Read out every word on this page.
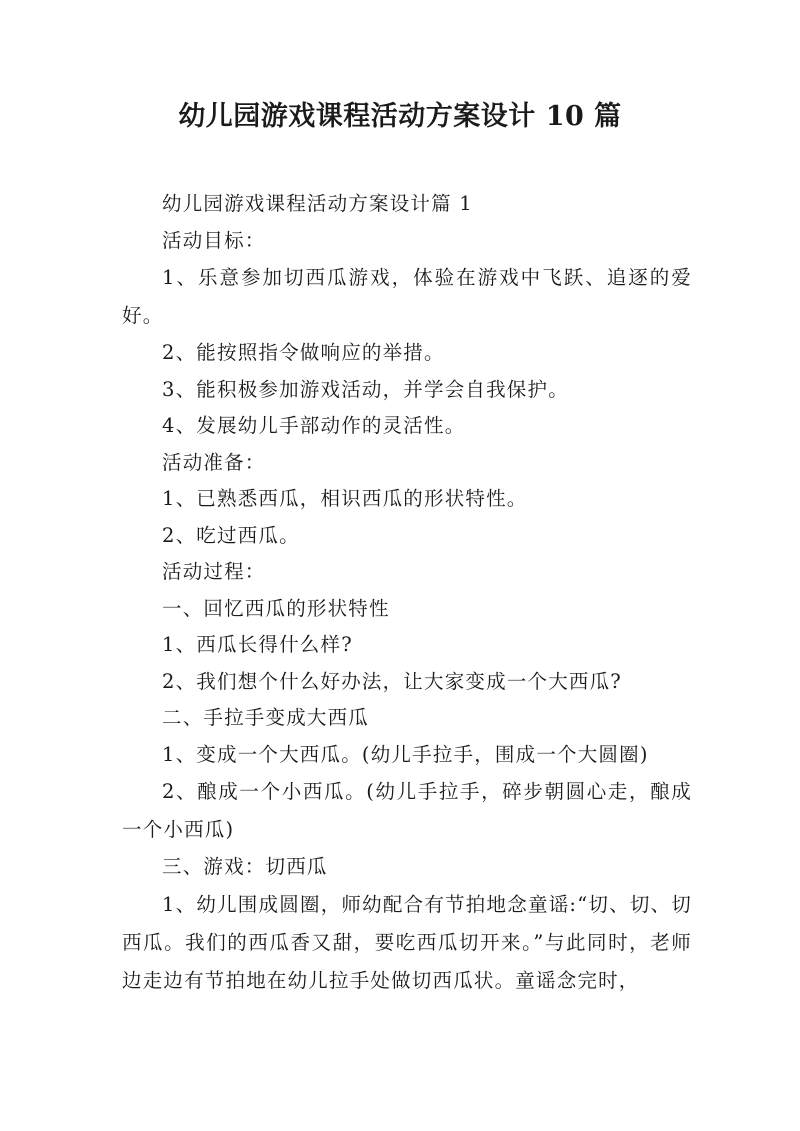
幼儿园游戏课程活动方案设计 10 篇

幼儿园游戏课程活动方案设计篇 1

活动目标：

1、乐意参加切西瓜游戏，体验在游戏中飞跃、追逐的爱好。

2、能按照指令做响应的举措。

3、能积极参加游戏活动，并学会自我保护。

4、发展幼儿手部动作的灵活性。

活动准备：

1、已熟悉西瓜，相识西瓜的形状特性。

2、吃过西瓜。

活动过程：

一、回忆西瓜的形状特性

1、西瓜长得什么样?

2、我们想个什么好办法，让大家变成一个大西瓜?

二、手拉手变成大西瓜

1、变成一个大西瓜。(幼儿手拉手，围成一个大圆圈)

2、酿成一个小西瓜。(幼儿手拉手，碎步朝圆心走，酿成一个小西瓜)

三、游戏：切西瓜

1、幼儿围成圆圈，师幼配合有节拍地念童谣:“切、切、切西瓜。我们的西瓜香又甜，要吃西瓜切开来。”与此同时，老师边走边有节拍地在幼儿拉手处做切西瓜状。童谣念完时，
